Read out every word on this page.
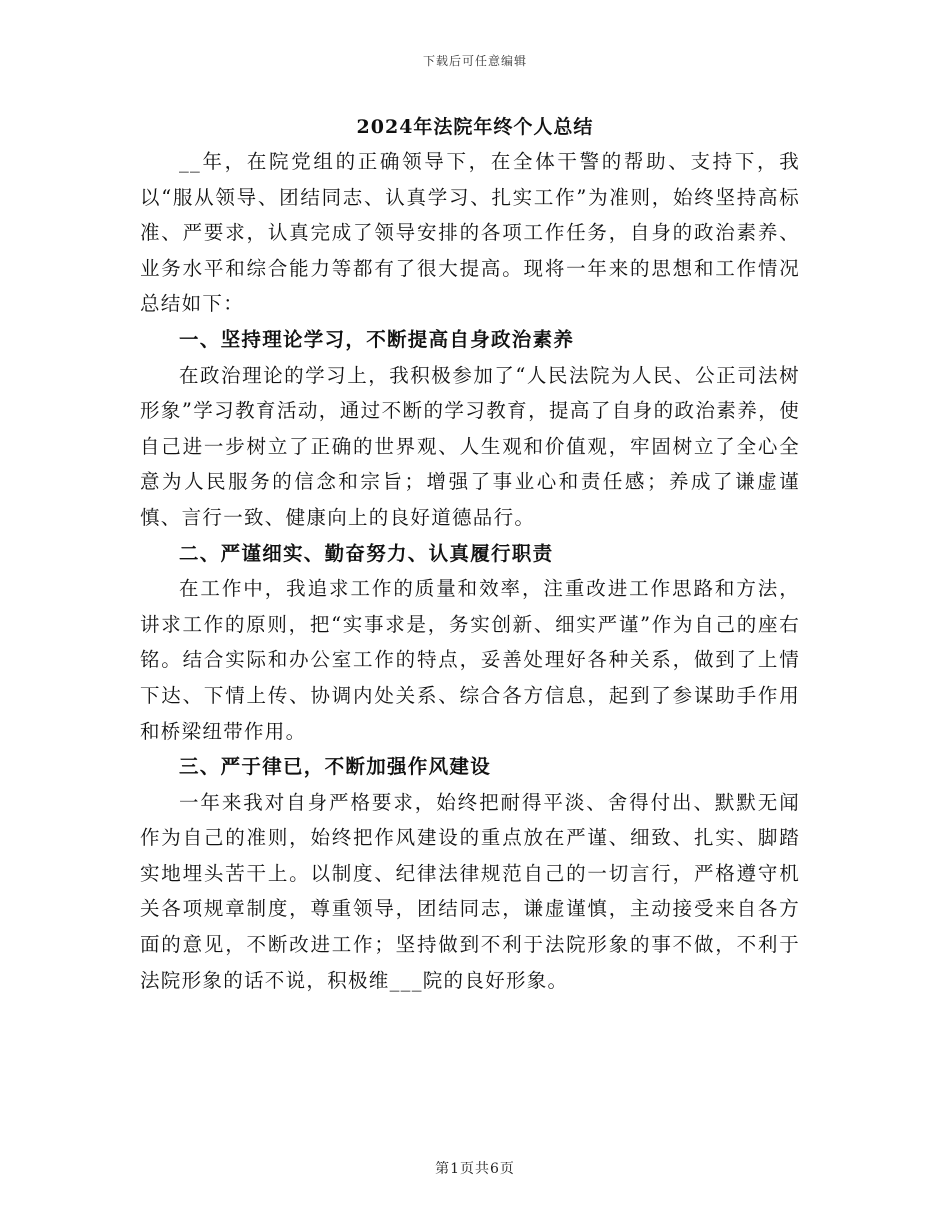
下载后可任意编辑
2024年法院年终个人总结

__年，在院党组的正确领导下，在全体干警的帮助、支持下，我以“服从领导、团结同志、认真学习、扎实工作”为准则，始终坚持高标准、严要求，认真完成了领导安排的各项工作任务，自身的政治素养、业务水平和综合能力等都有了很大提高。现将一年来的思想和工作情况总结如下：

一、坚持理论学习，不断提高自身政治素养

在政治理论的学习上，我积极参加了“人民法院为人民、公正司法树形象”学习教育活动，通过不断的学习教育，提高了自身的政治素养，使自己进一步树立了正确的世界观、人生观和价值观，牢固树立了全心全意为人民服务的信念和宗旨；增强了事业心和责任感；养成了谦虚谨慎、言行一致、健康向上的良好道德品行。

二、严谨细实、勤奋努力、认真履行职责

在工作中，我追求工作的质量和效率，注重改进工作思路和方法，讲求工作的原则，把“实事求是，务实创新、细实严谨”作为自己的座右铭。结合实际和办公室工作的特点，妥善处理好各种关系，做到了上情下达、下情上传、协调内处关系、综合各方信息，起到了参谋助手作用和桥梁纽带作用。

三、严于律已，不断加强作风建设

一年来我对自身严格要求，始终把耐得平淡、舍得付出、默默无闻作为自己的准则，始终把作风建设的重点放在严谨、细致、扎实、脚踏实地埋头苦干上。以制度、纪律法律规范自己的一切言行，严格遵守机关各项规章制度，尊重领导，团结同志，谦虚谨慎，主动接受来自各方面的意见，不断改进工作；坚持做到不利于法院形象的事不做，不利于法院形象的话不说，积极维___院的良好形象。

第1页共6页
